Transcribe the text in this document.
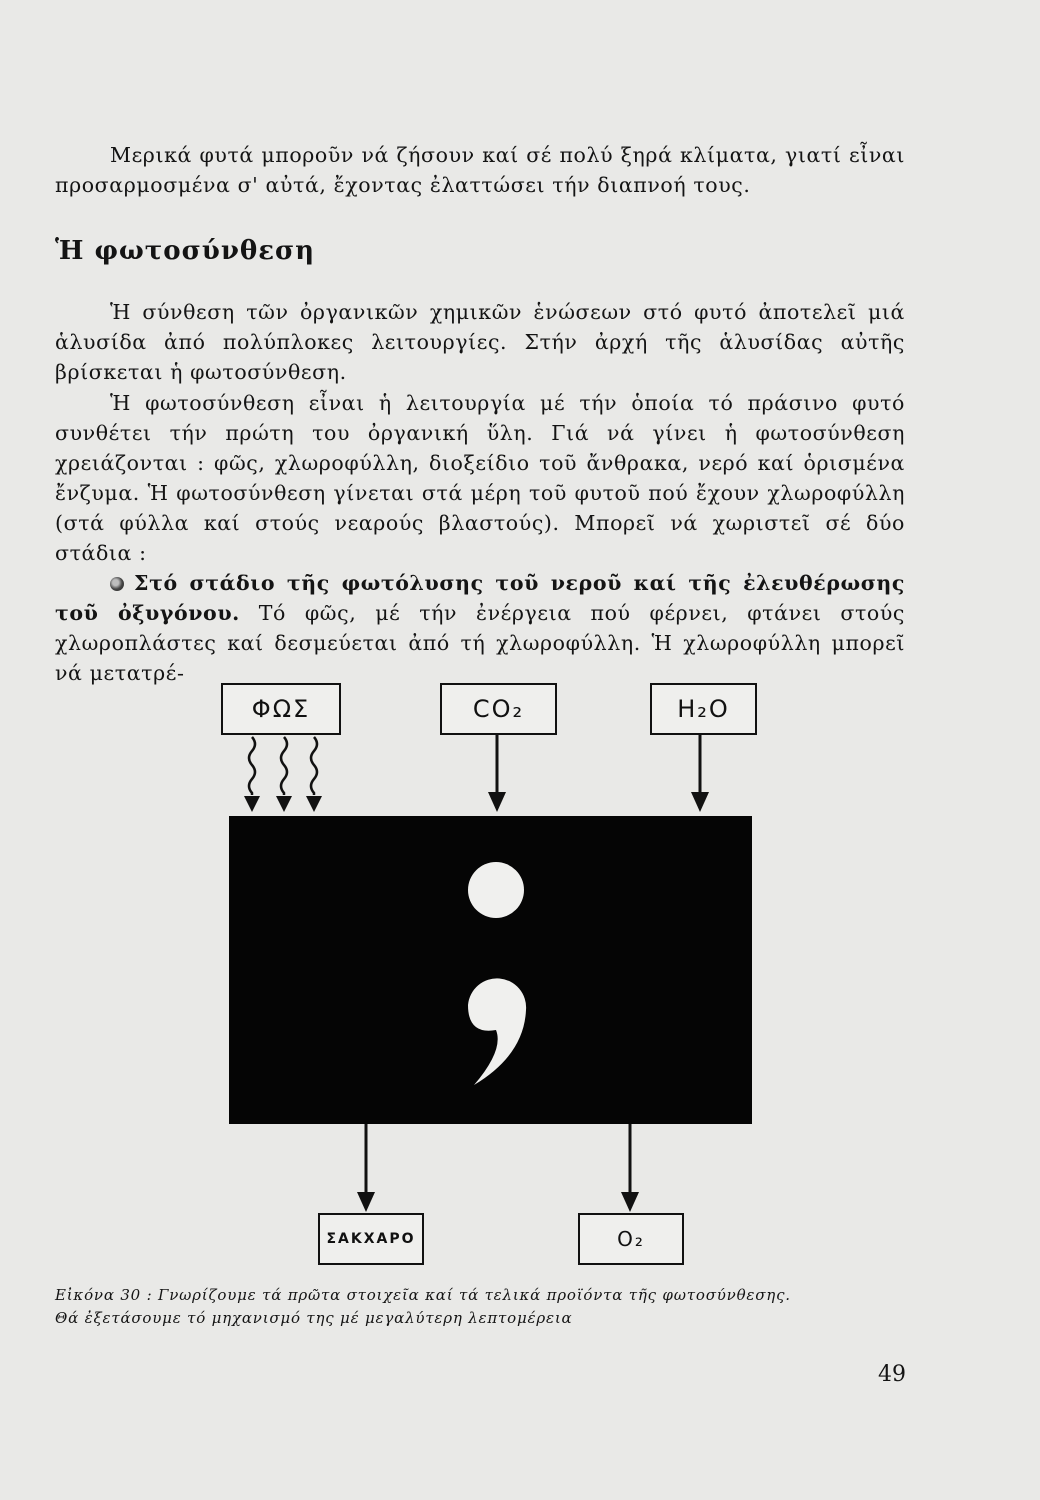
Μερικά φυτά μποροῦν νά ζήσουν καί σέ πολύ ξηρά κλίματα, γιατί εἶναι προσαρμοσμένα σ' αὐτά, ἔχοντας ἐλαττώσει τήν διαπνοή τους.

Ἡ φωτοσύνθεση

Ἡ σύνθεση τῶν ὀργανικῶν χημικῶν ἑνώσεων στό φυτό ἀποτελεῖ μιά ἁλυσίδα ἀπό πολύπλοκες λειτουργίες. Στήν ἀρχή τῆς ἁλυσίδας αὐτῆς βρίσκεται ἡ φωτοσύνθεση.

Ἡ φωτοσύνθεση εἶναι ἡ λειτουργία μέ τήν ὁποία τό πράσινο φυτό συνθέτει τήν πρώτη του ὀργανική ὕλη. Γιά νά γίνει ἡ φωτοσύνθεση χρειάζονται : φῶς, χλωροφύλλη, διοξείδιο τοῦ ἄνθρακα, νερό καί ὁρισμένα ἔνζυμα. Ἡ φωτοσύνθεση γίνεται στά μέρη τοῦ φυτοῦ πού ἔχουν χλωροφύλλη (στά φύλλα καί στούς νεαρούς βλαστούς). Μπορεῖ νά χωριστεῖ σέ δύο στάδια :

Στό στάδιο τῆς φωτόλυσης τοῦ νεροῦ καί τῆς ἐλευθέρωσης τοῦ ὀξυγόνου. Τό φῶς, μέ τήν ἐνέργεια πού φέρνει, φτάνει στούς χλωροπλάστες καί δεσμεύεται ἀπό τή χλωροφύλλη. Ἡ χλωροφύλλη μπορεῖ νά μετατρέ-

ΦΩΣ	CO₂	H₂O
ΣΑΚΧΑΡΟ	O₂

Εἰκόνα 30 : Γνωρίζουμε τά πρῶτα στοιχεῖα καί τά τελικά προϊόντα τῆς φωτοσύνθεσης.

Θά ἐξετάσουμε τό μηχανισμό της μέ μεγαλύτερη λεπτομέρεια

49
